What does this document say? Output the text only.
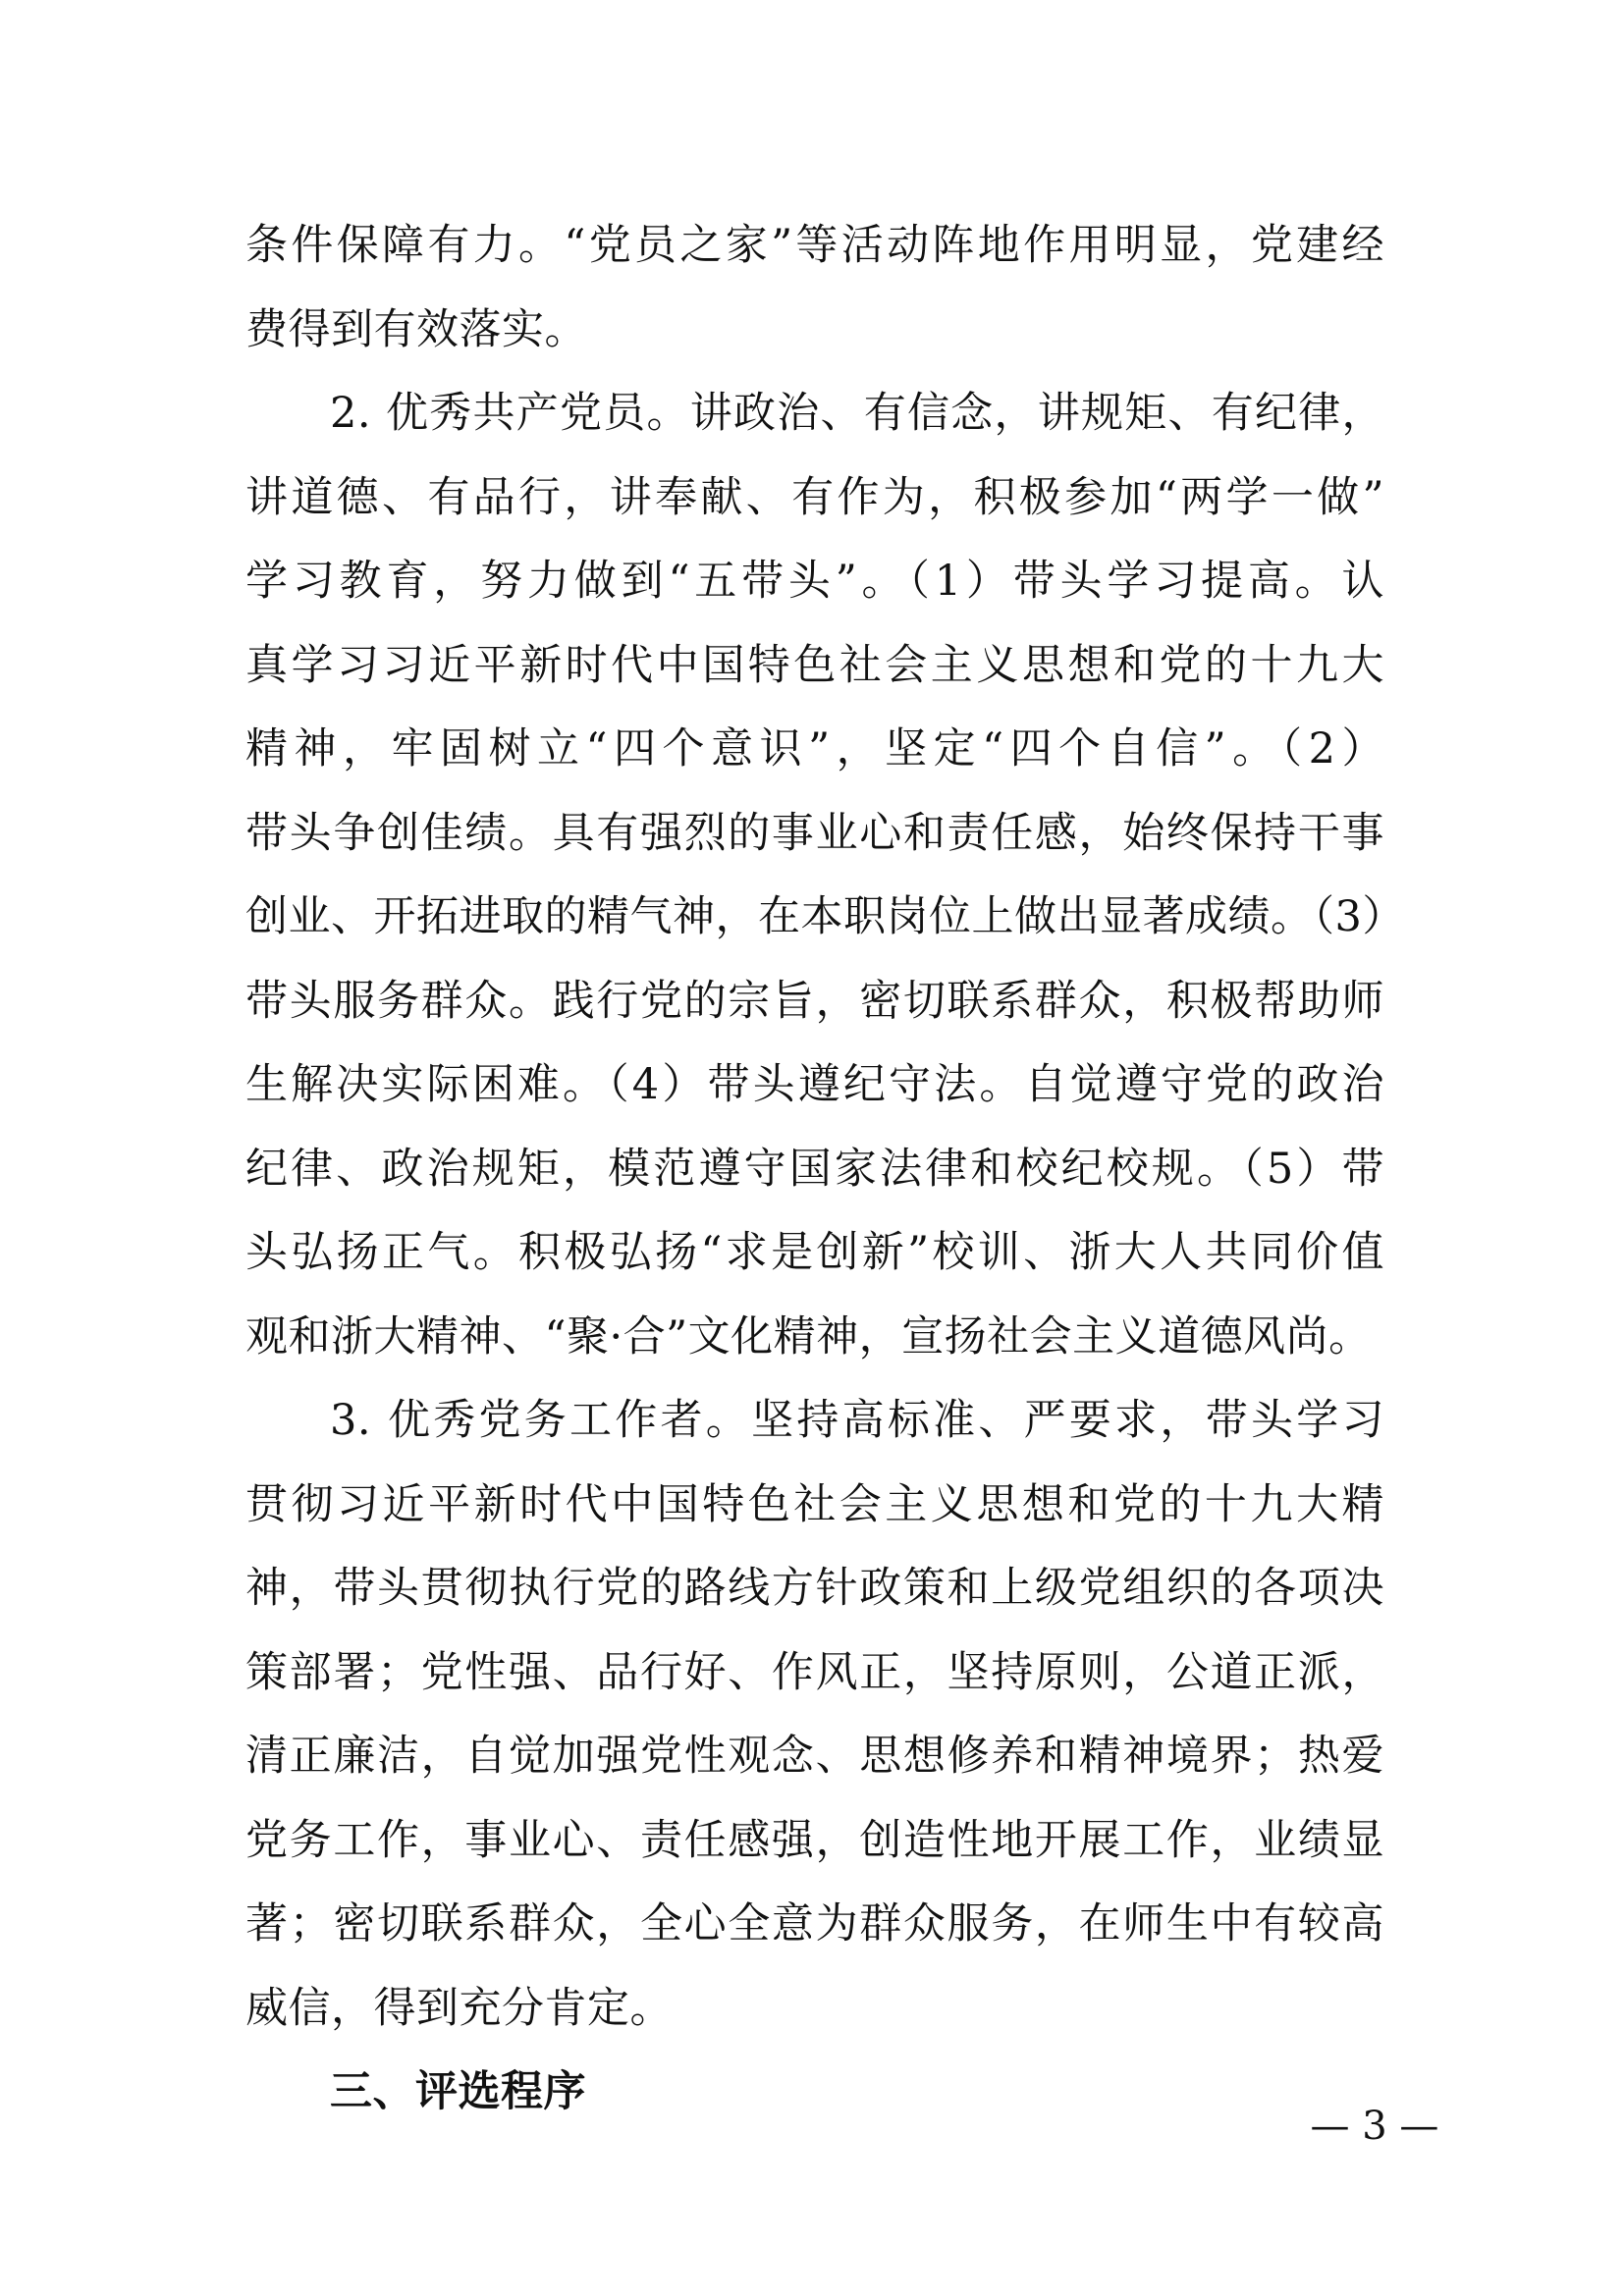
条件保障有力。“党员之家”等活动阵地作用明显，党建经
费得到有效落实。
2. 优秀共产党员。讲政治、有信念，讲规矩、有纪律，
讲道德、有品行，讲奉献、有作为，积极参加“两学一做”
学习教育，努力做到“五带头”。（1）带头学习提高。认
真学习习近平新时代中国特色社会主义思想和党的十九大
精神，牢固树立“四个意识”，坚定“四个自信”。（2）
带头争创佳绩。具有强烈的事业心和责任感，始终保持干事
创业、开拓进取的精气神，在本职岗位上做出显著成绩。（3）
带头服务群众。践行党的宗旨，密切联系群众，积极帮助师
生解决实际困难。（4）带头遵纪守法。自觉遵守党的政治
纪律、政治规矩，模范遵守国家法律和校纪校规。（5）带
头弘扬正气。积极弘扬“求是创新”校训、浙大人共同价值
观和浙大精神、“聚·合”文化精神，宣扬社会主义道德风尚。
3. 优秀党务工作者。坚持高标准、严要求，带头学习
贯彻习近平新时代中国特色社会主义思想和党的十九大精
神，带头贯彻执行党的路线方针政策和上级党组织的各项决
策部署；党性强、品行好、作风正，坚持原则，公道正派，
清正廉洁，自觉加强党性观念、思想修养和精神境界；热爱
党务工作，事业心、责任感强，创造性地开展工作，业绩显
著；密切联系群众，全心全意为群众服务，在师生中有较高
威信，得到充分肯定。
三、评选程序
— 3 —
